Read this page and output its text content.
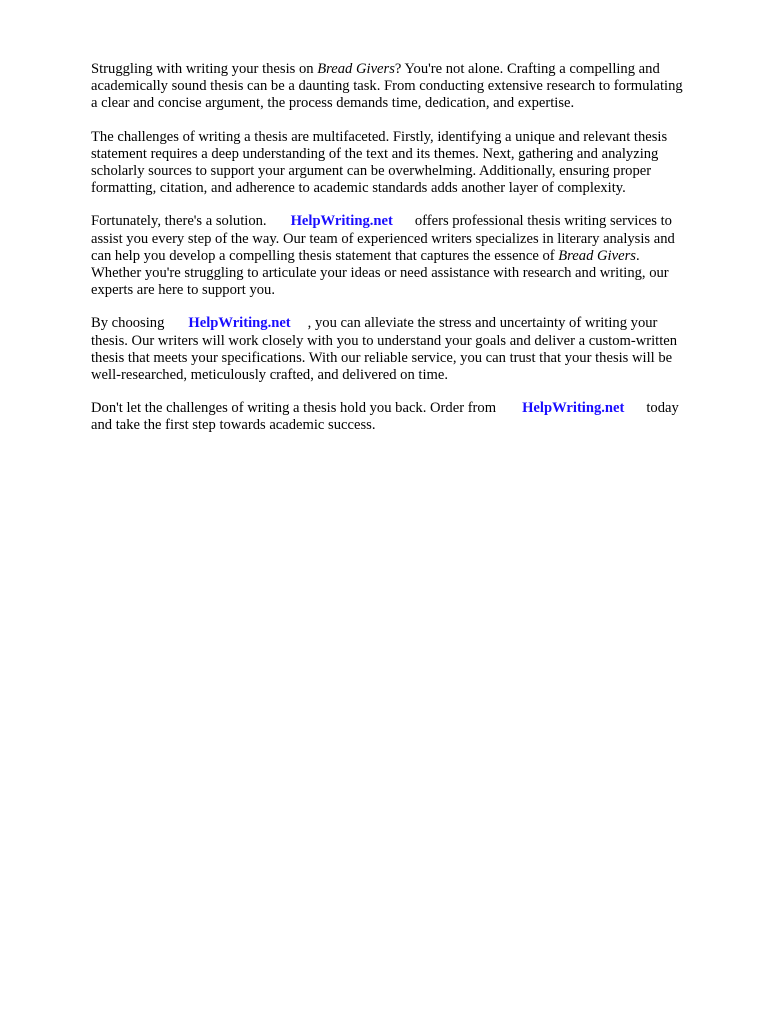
Struggling with writing your thesis on Bread Givers? You're not alone. Crafting a compelling and
academically sound thesis can be a daunting task. From conducting extensive research to formulating
a clear and concise argument, the process demands time, dedication, and expertise.

The challenges of writing a thesis are multifaceted. Firstly, identifying a unique and relevant thesis
statement requires a deep understanding of the text and its themes. Next, gathering and analyzing
scholarly sources to support your argument can be overwhelming. Additionally, ensuring proper
formatting, citation, and adherence to academic standards adds another layer of complexity.

Fortunately, there's a solution. HelpWriting.net offers professional thesis writing services to
assist you every step of the way. Our team of experienced writers specializes in literary analysis and
can help you develop a compelling thesis statement that captures the essence of Bread Givers.
Whether you're struggling to articulate your ideas or need assistance with research and writing, our
experts are here to support you.

By choosing HelpWriting.net , you can alleviate the stress and uncertainty of writing your
thesis. Our writers will work closely with you to understand your goals and deliver a custom-written
thesis that meets your specifications. With our reliable service, you can trust that your thesis will be
well-researched, meticulously crafted, and delivered on time.

Don't let the challenges of writing a thesis hold you back. Order from HelpWriting.net today
and take the first step towards academic success.
